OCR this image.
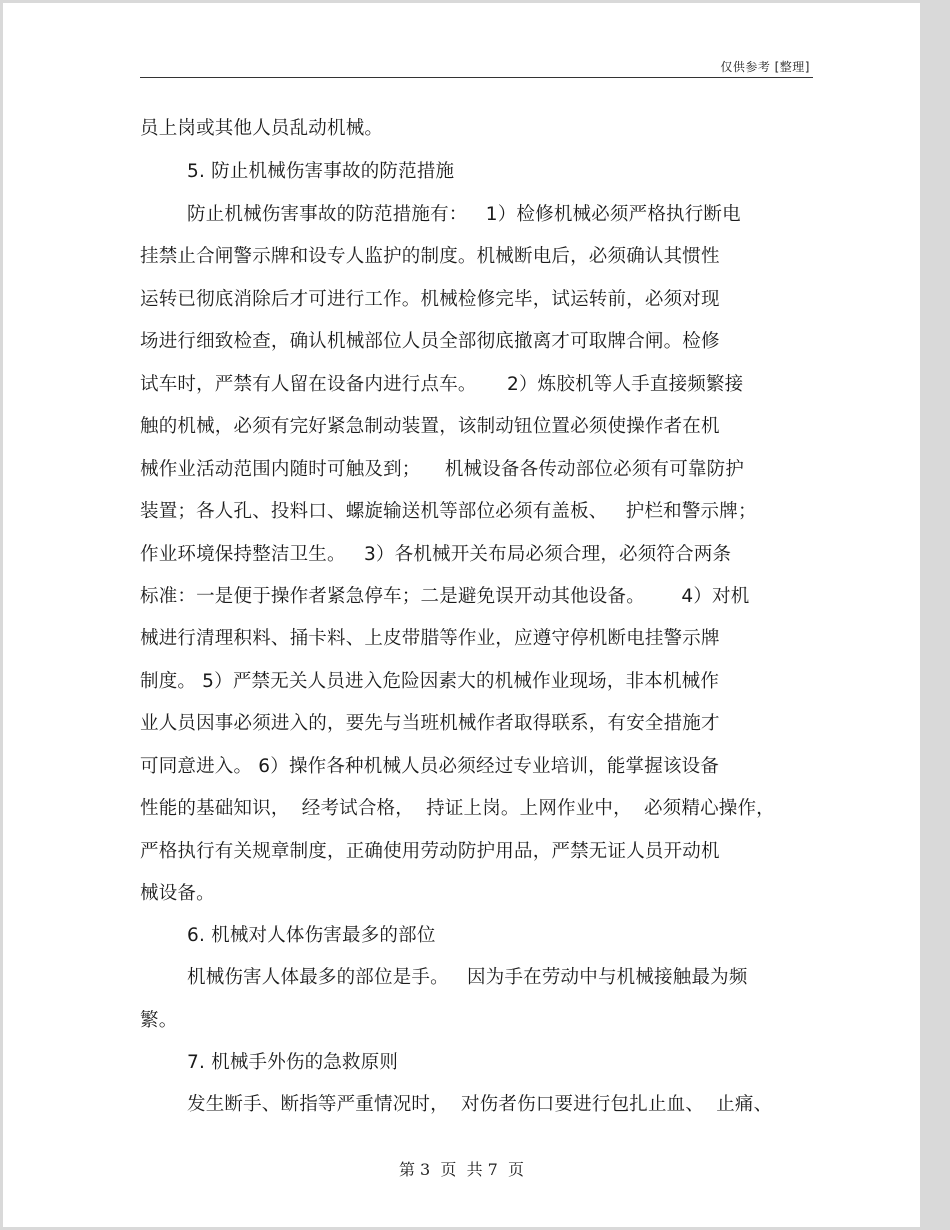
仅供参考 [整理]
员上岗或其他人员乱动机械。
5. 防止机械伤害事故的防范措施
防止机械伤害事故的防范措施有：   1）检修机械必须严格执行断电
挂禁止合闸警示牌和设专人监护的制度。机械断电后，必须确认其惯性
运转已彻底消除后才可进行工作。机械检修完毕，试运转前，必须对现
场进行细致检查，确认机械部位人员全部彻底撤离才可取牌合闸。检修
试车时，严禁有人留在设备内进行点车。     2）炼胶机等人手直接频繁接
触的机械，必须有完好紧急制动装置，该制动钮位置必须使操作者在机
械作业活动范围内随时可触及到；    机械设备各传动部位必须有可靠防护
装置；各人孔、投料口、螺旋输送机等部位必须有盖板、   护栏和警示牌；
作业环境保持整洁卫生。   3）各机械开关布局必须合理，必须符合两条
标准：一是便于操作者紧急停车；二是避免误开动其他设备。      4）对机
械进行清理积料、捅卡料、上皮带腊等作业，应遵守停机断电挂警示牌
制度。 5）严禁无关人员进入危险因素大的机械作业现场，非本机械作
业人员因事必须进入的，要先与当班机械作者取得联系，有安全措施才
可同意进入。 6）操作各种机械人员必须经过专业培训，能掌握该设备
性能的基础知识，  经考试合格，  持证上岗。上网作业中，  必须精心操作，
严格执行有关规章制度，正确使用劳动防护用品，严禁无证人员开动机
械设备。
6. 机械对人体伤害最多的部位
机械伤害人体最多的部位是手。   因为手在劳动中与机械接触最为频
繁。
7. 机械手外伤的急救原则
发生断手、断指等严重情况时，  对伤者伤口要进行包扎止血、  止痛、
第 3  页  共 7  页
